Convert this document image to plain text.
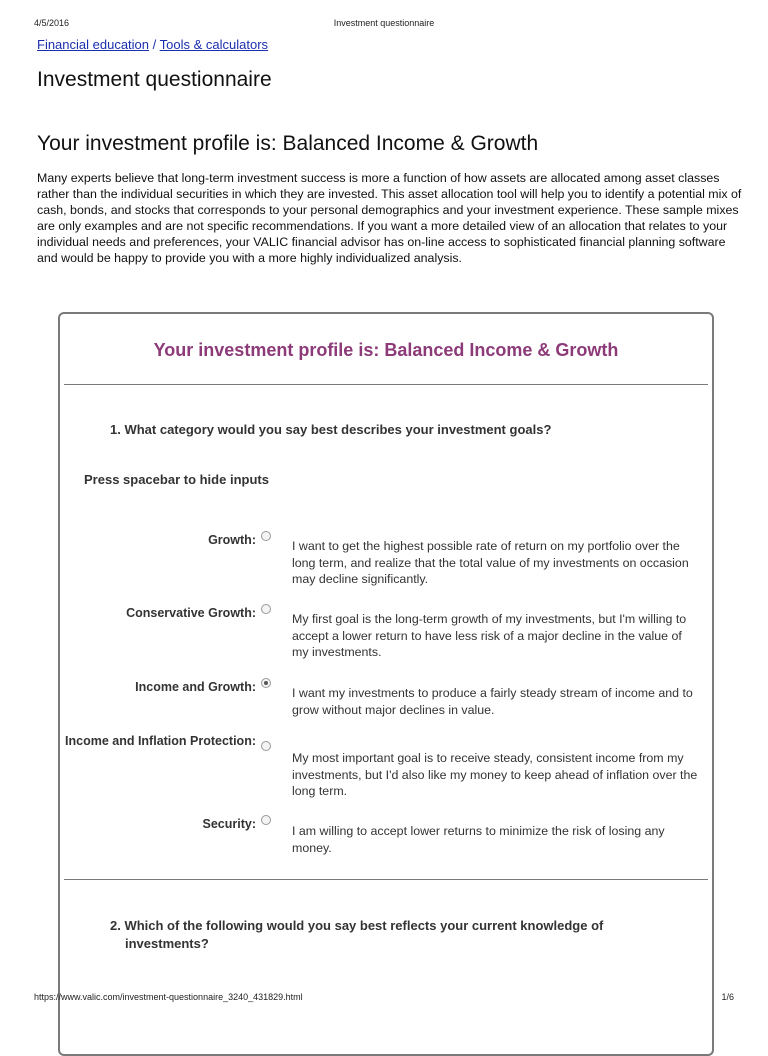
4/5/2016	Investment questionnaire
Financial education / Tools & calculators
Investment questionnaire
Your investment profile is: Balanced Income & Growth

Many experts believe that long-term investment success is more a function of how assets are allocated among asset classes rather than the individual securities in which they are invested. This asset allocation tool will help you to identify a potential mix of cash, bonds, and stocks that corresponds to your personal demographics and your investment experience. These sample mixes are only examples and are not specific recommendations. If you want a more detailed view of an allocation that relates to your individual needs and preferences, your VALIC financial advisor has on-line access to sophisticated financial planning software and would be happy to provide you with a more highly individualized analysis.

Your investment profile is: Balanced Income & Growth

1. What category would you say best describes your investment goals?

Press spacebar to hide inputs
Growth:	I want to get the highest possible rate of return on my portfolio over the long term, and realize that the total value of my investments on occasion may decline significantly.
Conservative Growth:	My first goal is the long-term growth of my investments, but I'm willing to accept a lower return to have less risk of a major decline in the value of my investments.
Income and Growth:	I want my investments to produce a fairly steady stream of income and to grow without major declines in value.
Income and Inflation Protection:
My most important goal is to receive steady, consistent income from my investments, but I'd also like my money to keep ahead of inflation over the long term.
Security:	I am willing to accept lower returns to minimize the risk of losing any money.

2. Which of the following would you say best reflects your current knowledge of investments?

https://www.valic.com/investment-questionnaire_3240_431829.html	1/6
